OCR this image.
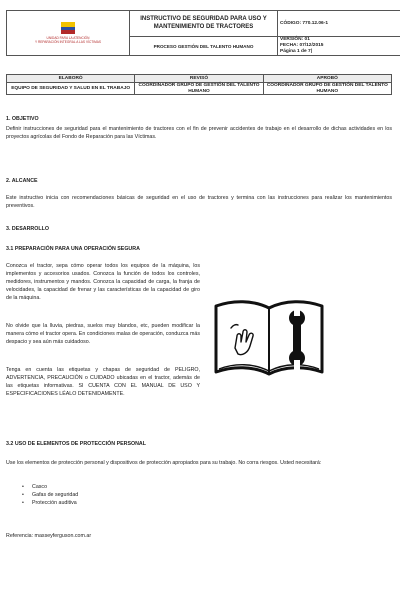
UNIDAD PARA LA ATENCIÓN
Y REPARACIÓN INTEGRAL A LAS VÍCTIMAS	INSTRUCTIVO DE SEGURIDAD PARA USO Y MANTENIMIENTO DE TRACTORES	CÓDIGO: 770.12.06-1

	PROCESO GESTIÓN DEL TALENTO HUMANO	VERSIÓN: 01
FECHA: 07/12/2015
Página 1 de 7|
ELABORÓ	REVISÓ	APROBÓ
EQUIPO DE SEGURIDAD Y SALUD EN EL TRABAJO	COORDINADOR GRUPO DE GESTIÓN DEL TALENTO HUMANO	COORDINADOR GRUPO DE GESTIÓN DEL TALENTO HUMANO
1. OBJETIVO
Definir instrucciones de seguridad para el mantenimiento de tractores con el fin de prevenir accidentes de trabajo en el desarrollo de dichas actividades en los proyectos agrícolas del Fondo de Reparación para las Víctimas.
2. ALCANCE
Este instructivo inicia con recomendaciones básicas de seguridad en el uso de tractores y termina con las instrucciones para realizar los mantenimientos preventivos.
3. DESARROLLO
3.1 PREPARACIÓN PARA UNA OPERACIÓN SEGURA
Conozca el tractor, sepa cómo operar todos los equipos de la máquina, los implementos y accesorios usados. Conozca la función de todos los controles, medidores, instrumentos y mandos. Conozca la capacidad de carga, la franja de velocidades, la capacidad de frenar y las características de la capacidad de giro de la máquina.
No olvide que la lluvia, piedras, suelos muy blandos, etc, pueden modificar la manera cómo el tractor opera. En condiciones malas de operación, conduzca más despacio y sea aún más cuidadoso.
Tenga en cuenta las etiquetas y chapas de seguridad de PELIGRO, ADVERTENCIA, PRECAUCIÓN o CUIDADO ubicadas en el tractor, además de las etiquetas informativas. SI CUENTA CON EL MANUAL DE USO Y ESPECIFICACIONES LÉALO DETENIDAMENTE.
3.2 USO DE ELEMENTOS DE PROTECCIÓN PERSONAL
Use los elementos de protección personal y dispositivos de protección apropiados para su trabajo. No corra riesgos. Usted necesitará:
• Casco
• Gafas de seguridad
• Protección auditiva
Referencia: masseyferguson.com.ar
